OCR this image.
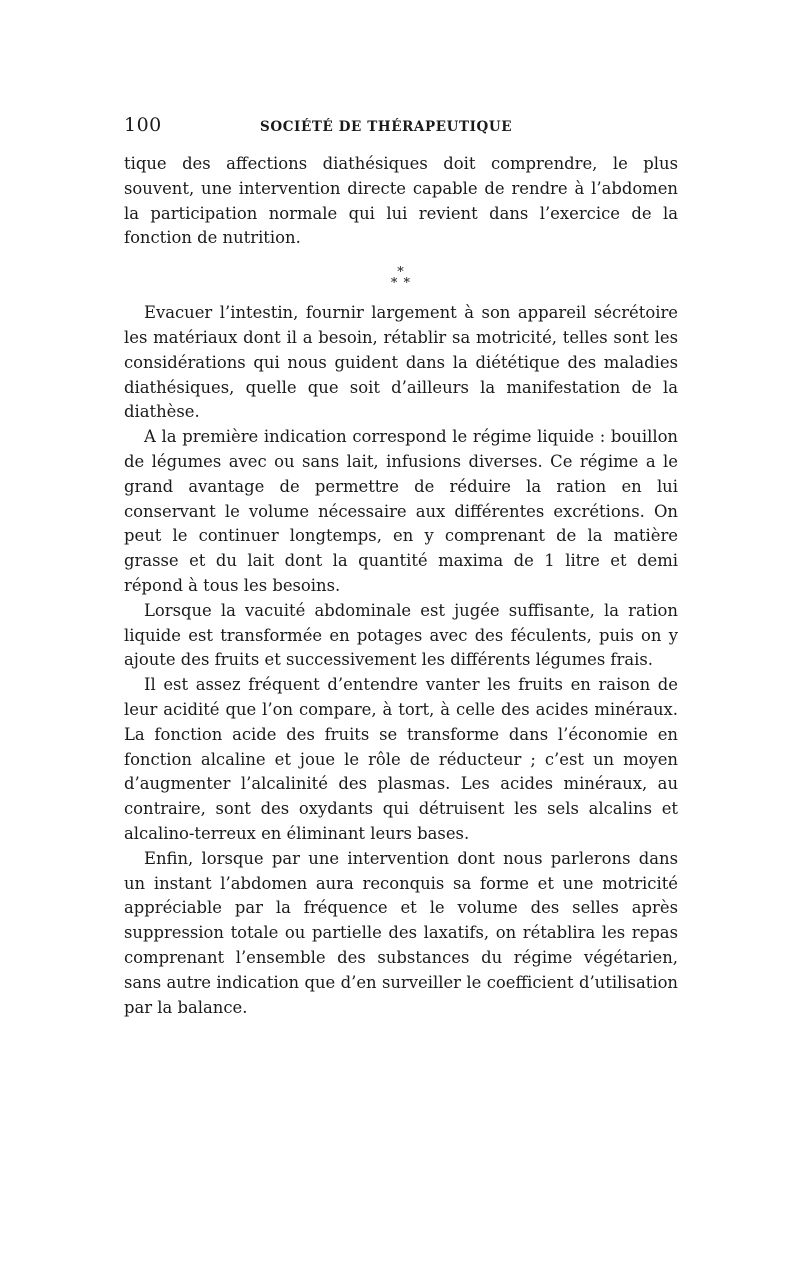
100	SOCIÉTÉ DE THÉRAPEUTIQUE

tique des affections diathésiques doit comprendre, le plus souvent, une intervention directe capable de rendre à l’abdomen la participation normale qui lui revient dans l’exercice de la fonction de nutrition.

*
* *

Evacuer l’intestin, fournir largement à son appareil sécrétoire les matériaux dont il a besoin, rétablir sa motricité, telles sont les considérations qui nous guident dans la diététique des maladies diathésiques, quelle que soit d’ailleurs la manifestation de la diathèse.

A la première indication correspond le régime liquide : bouillon de légumes avec ou sans lait, infusions diverses. Ce régime a le grand avantage de permettre de réduire la ration en lui conservant le volume nécessaire aux différentes excrétions. On peut le continuer longtemps, en y comprenant de la matière grasse et du lait dont la quantité maxima de 1 litre et demi répond à tous les besoins.

Lorsque la vacuité abdominale est jugée suffisante, la ration liquide est transformée en potages avec des féculents, puis on y ajoute des fruits et successivement les différents légumes frais.

Il est assez fréquent d’entendre vanter les fruits en raison de leur acidité que l’on compare, à tort, à celle des acides minéraux. La fonction acide des fruits se transforme dans l’économie en fonction alcaline et joue le rôle de réducteur ; c’est un moyen d’augmenter l’alcalinité des plasmas. Les acides minéraux, au contraire, sont des oxydants qui détruisent les sels alcalins et alcalino-terreux en éliminant leurs bases.

Enfin, lorsque par une intervention dont nous parlerons dans un instant l’abdomen aura reconquis sa forme et une motricité appréciable par la fréquence et le volume des selles après suppression totale ou partielle des laxatifs, on rétablira les repas comprenant l’ensemble des substances du régime végétarien, sans autre indication que d’en surveiller le coefficient d’utilisation par la balance.
